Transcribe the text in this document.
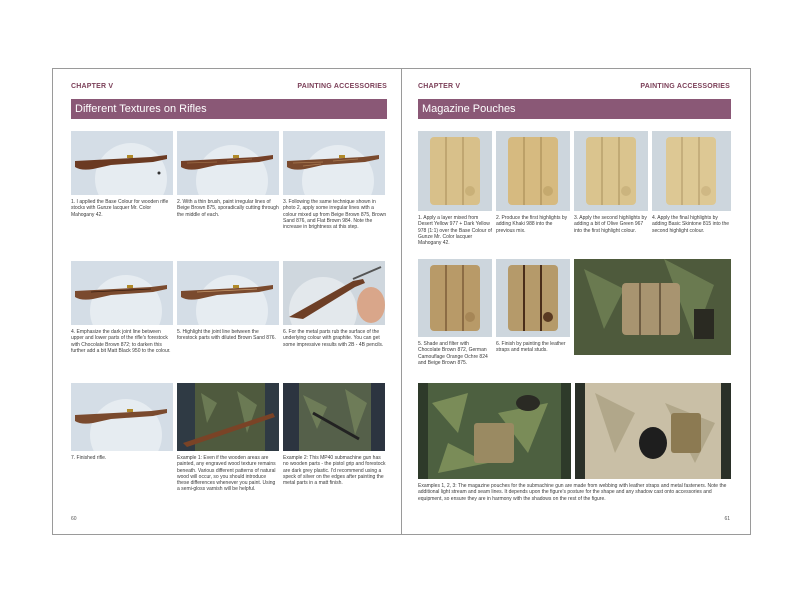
CHAPTER V	PAINTING ACCESSORIES
Different Textures on Rifles
1. I applied the Base Colour for wooden rifle stocks with Gunze lacquer Mr. Color Mahogany 42.
2. With a thin brush, paint irregular lines of Beige Brown 875, sporadically cutting through the middle of each.
3. Following the same technique shown in photo 2, apply some irregular lines with a colour mixed up from Beige Brown 875, Brown Sand 876, and Flat Brown 984. Note the increase in brightness at this step.
4. Emphasize the dark joint line between upper and lower parts of the rifle's forestock with Chocolate Brown 872; to darken this further add a bit Matt Black 950 to the colour.
5. Highlight the joint line between the forestock parts with diluted Brown Sand 876.
6. For the metal parts rub the surface of the underlying colour with graphite. You can get some impressive results with 2B - 4B pencils.
7. Finished rifle.	Example 1: Even if the wooden areas are painted, any engraved wood texture remains beneath. Various different patterns of natural wood will occur, so you should introduce these differences whenever you paint. Using a semi-gloss varnish will be helpful.
Example 2: This MP40 submachine gun has no wooden parts - the pistol grip and forestock are dark grey plastic. I'd recommend using a speck of silver on the edges after painting the metal parts in a matt finish.
60
CHAPTER V	PAINTING ACCESSORIES
Magazine Pouches
1. Apply a layer mixed from Desert Yellow 977 + Dark Yellow 978 (1:1) over the Base Colour of Gunze Mr. Color lacquer Mahogany 42.
2. Produce the first highlights by adding Khaki 988 into the previous mix.
3. Apply the second highlights by adding a bit of Olive Green 967 into the first highlight colour.
4. Apply the final highlights by adding Basic Skintone 815 into the second highlight colour.
5. Shade and filter with Chocolate Brown 872, German Camouflage Orange Ochre 824 and Beige Brown 875.
6. Finish by painting the leather straps and metal studs.
Examples 1, 2, 3: The magazine pouches for the submachine gun are made from webbing with leather straps and metal fasteners. Note the additional light stream and seam lines. It depends upon the figure's posture for the shape and any shadow cast onto accessories and equipment, so ensure they are in harmony with the shadows on the rest of the figure.
61
